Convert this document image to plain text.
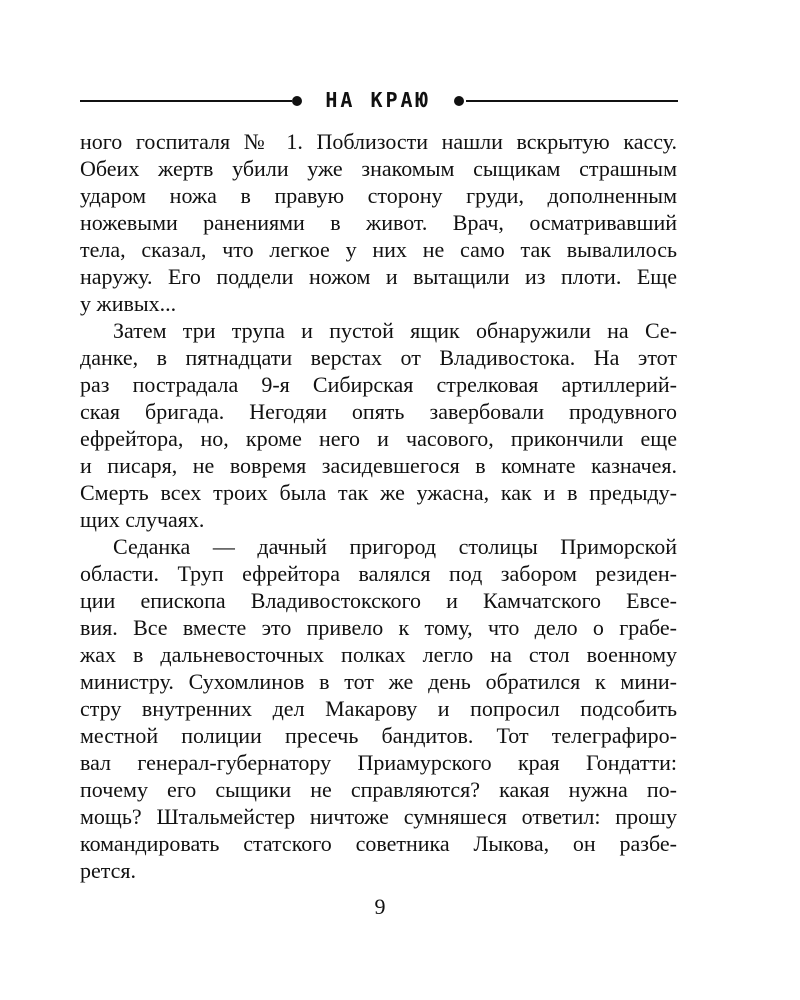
НА КРАЮ
ного госпиталя № 1. Поблизости нашли вскрытую кассу.
Обеих жертв убили уже знакомым сыщикам страшным
ударом ножа в правую сторону груди, дополненным
ножевыми ранениями в живот. Врач, осматривавший
тела, сказал, что легкое у них не само так вывалилось
наружу. Его поддели ножом и вытащили из плоти. Еще
у живых...
Затем три трупа и пустой ящик обнаружили на Се-
данке, в пятнадцати верстах от Владивостока. На этот
раз пострадала 9-я Сибирская стрелковая артиллерий-
ская бригада. Негодяи опять завербовали продувного
ефрейтора, но, кроме него и часового, прикончили еще
и писаря, не вовремя засидевшегося в комнате казначея.
Смерть всех троих была так же ужасна, как и в предыду-
щих случаях.
Седанка — дачный пригород столицы Приморской
области. Труп ефрейтора валялся под забором резиден-
ции епископа Владивостокского и Камчатского Евсе-
вия. Все вместе это привело к тому, что дело о грабе-
жах в дальневосточных полках легло на стол военному
министру. Сухомлинов в тот же день обратился к мини-
стру внутренних дел Макарову и попросил подсобить
местной полиции пресечь бандитов. Тот телеграфиро-
вал генерал-губернатору Приамурского края Гондатти:
почему его сыщики не справляются? какая нужна по-
мощь? Штальмейстер ничтоже сумняшеся ответил: прошу
командировать статского советника Лыкова, он разбе-
рется.
9
